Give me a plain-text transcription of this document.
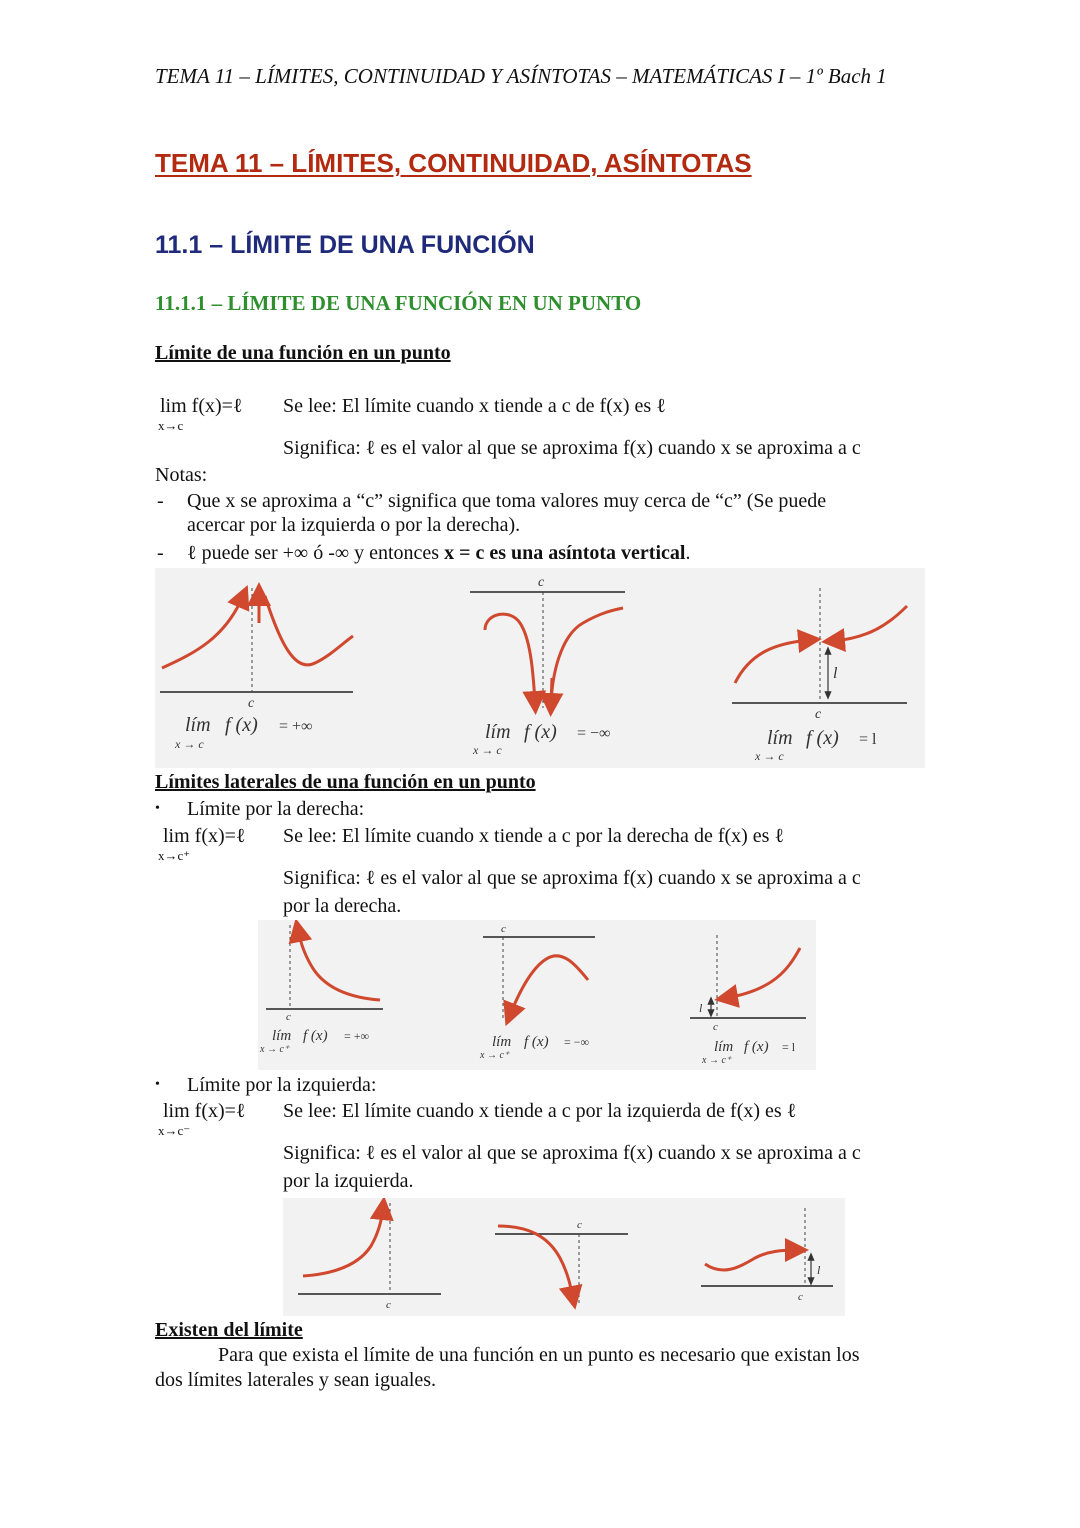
TEMA 11 – LÍMITES, CONTINUIDAD Y ASÍNTOTAS – MATEMÁTICAS I – 1º Bach 1
TEMA 11 – LÍMITES, CONTINUIDAD, ASÍNTOTAS
11.1 – LÍMITE DE UNA FUNCIÓN
11.1.1 – LÍMITE DE UNA FUNCIÓN EN UN PUNTO
Límite de una función en un punto
lim f(x)=ℓ
x→c
Se lee: El límite cuando x tiende a c de f(x) es ℓ
Significa: ℓ es el valor al que se aproxima f(x) cuando x se aproxima a c
Notas:
- Que x se aproxima a “c” significa que toma valores muy cerca de “c” (Se puede
acercar por la izquierda o por la derecha).
- ℓ puede ser +∞ ó -∞ y entonces x = c es una asíntota vertical.
c
lím f (x) = +∞
x → c
c
lím f (x) = −∞
x → c
l
c
lím f (x) = l
x → c
Límites laterales de una función en un punto
• Límite por la derecha:
lim f(x)=ℓ
x→c⁺
Se lee: El límite cuando x tiende a c por la derecha de f(x) es ℓ
Significa: ℓ es el valor al que se aproxima f(x) cuando x se aproxima a c
por la derecha.
c
lím f (x) = +∞
x → c⁺
c
lím f (x) = −∞
x → c⁺
l
c
lím f (x) = l
x → c⁺
• Límite por la izquierda:
lim f(x)=ℓ
x→c⁻
Se lee: El límite cuando x tiende a c por la izquierda de f(x) es ℓ
Significa: ℓ es el valor al que se aproxima f(x) cuando x se aproxima a c
por la izquierda.
c
c
l
c
Existen del límite
Para que exista el límite de una función en un punto es necesario que existan los
dos límites laterales y sean iguales.
